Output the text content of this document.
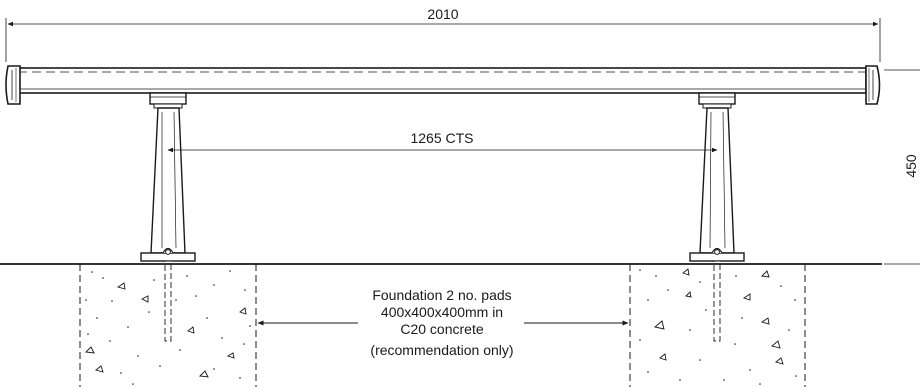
2010
450
1265 CTS
Foundation 2 no. pads
400x400x400mm in
C20 concrete
(recommendation only)
